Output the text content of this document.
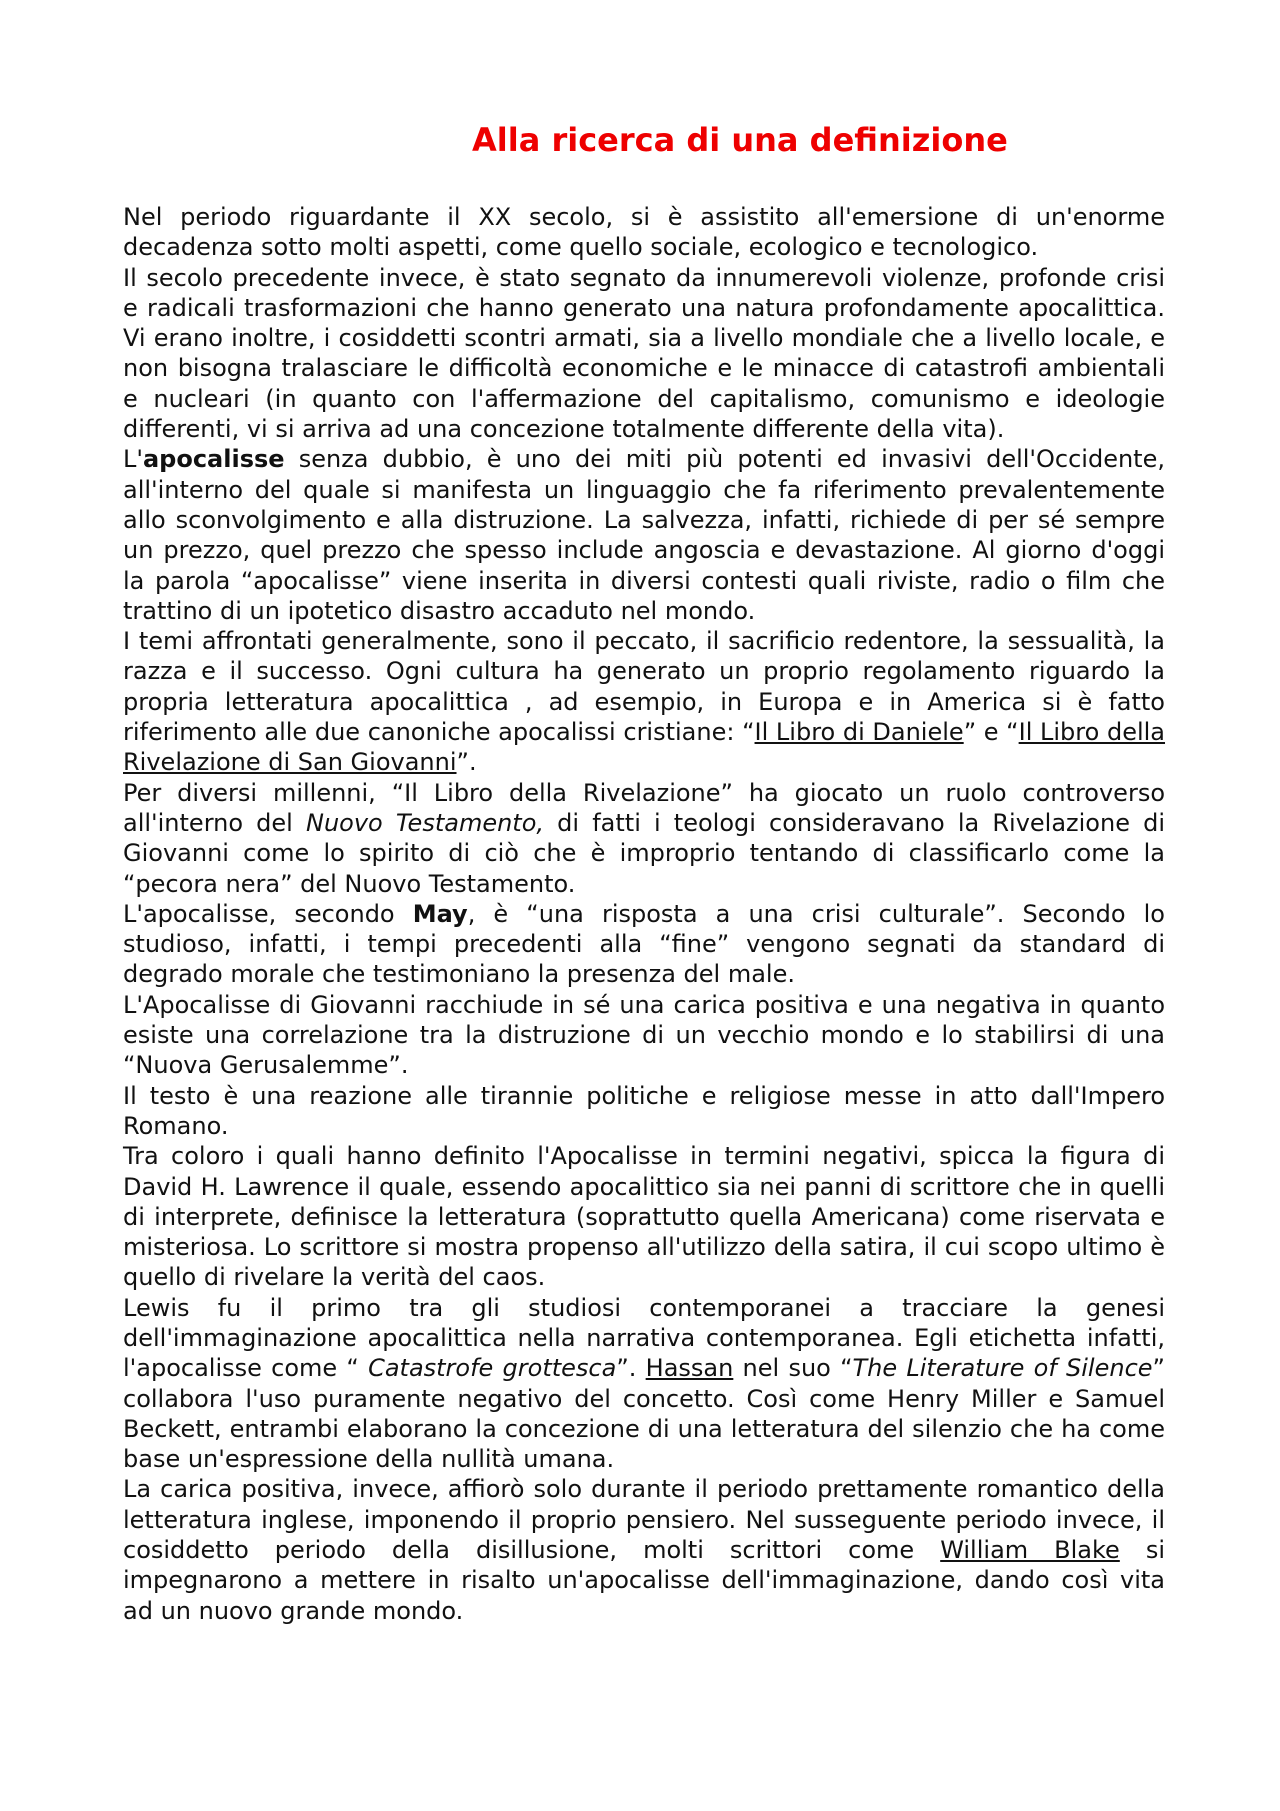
Alla ricerca di una definizione

Nel periodo riguardante il XX secolo, si è assistito all'emersione di un'enorme decadenza sotto molti aspetti, come quello sociale, ecologico e tecnologico.

Il secolo precedente invece, è stato segnato da innumerevoli violenze, profonde crisi e radicali trasformazioni che hanno generato una natura profondamente apocalittica. Vi erano inoltre, i cosiddetti scontri armati, sia a livello mondiale che a livello locale, e non bisogna tralasciare le difficoltà economiche e le minacce di catastrofi ambientali e nucleari (in quanto con l'affermazione del capitalismo, comunismo e ideologie differenti, vi si arriva ad una concezione totalmente differente della vita).

L'apocalisse senza dubbio, è uno dei miti più potenti ed invasivi dell'Occidente, all'interno del quale si manifesta un linguaggio che fa riferimento prevalentemente allo sconvolgimento e alla distruzione. La salvezza, infatti, richiede di per sé sempre un prezzo, quel prezzo che spesso include angoscia e devastazione. Al giorno d'oggi la parola “apocalisse” viene inserita in diversi contesti quali riviste, radio o film che trattino di un ipotetico disastro accaduto nel mondo.

I temi affrontati generalmente, sono il peccato, il sacrificio redentore, la sessualità, la razza e il successo. Ogni cultura ha generato un proprio regolamento riguardo la propria letteratura apocalittica , ad esempio, in Europa e in America si è fatto riferimento alle due canoniche apocalissi cristiane: “Il Libro di Daniele” e “Il Libro della Rivelazione di San Giovanni”.

Per diversi millenni, “Il Libro della Rivelazione” ha giocato un ruolo controverso all'interno del Nuovo Testamento, di fatti i teologi consideravano la Rivelazione di Giovanni come lo spirito di ciò che è improprio tentando di classificarlo come la “pecora nera” del Nuovo Testamento.

L'apocalisse, secondo May, è “una risposta a una crisi culturale”. Secondo lo studioso, infatti, i tempi precedenti alla “fine” vengono segnati da standard di degrado morale che testimoniano la presenza del male.

L'Apocalisse di Giovanni racchiude in sé una carica positiva e una negativa in quanto esiste una correlazione tra la distruzione di un vecchio mondo e lo stabilirsi di una “Nuova Gerusalemme”.

Il testo è una reazione alle tirannie politiche e religiose messe in atto dall'Impero Romano.

Tra coloro i quali hanno definito l'Apocalisse in termini negativi, spicca la figura di David H. Lawrence il quale, essendo apocalittico sia nei panni di scrittore che in quelli di interprete, definisce la letteratura (soprattutto quella Americana) come riservata e misteriosa. Lo scrittore si mostra propenso all'utilizzo della satira, il cui scopo ultimo è quello di rivelare la verità del caos.

Lewis fu il primo tra gli studiosi contemporanei a tracciare la genesi dell'immaginazione apocalittica nella narrativa contemporanea. Egli etichetta infatti, l'apocalisse come “ Catastrofe grottesca”. Hassan nel suo “The Literature of Silence” collabora l'uso puramente negativo del concetto. Così come Henry Miller e Samuel Beckett, entrambi elaborano la concezione di una letteratura del silenzio che ha come base un'espressione della nullità umana.

La carica positiva, invece, affiorò solo durante il periodo prettamente romantico della letteratura inglese, imponendo il proprio pensiero. Nel susseguente periodo invece, il cosiddetto periodo della disillusione, molti scrittori come William Blake si impegnarono a mettere in risalto un'apocalisse dell'immaginazione, dando così vita ad un nuovo grande mondo.
